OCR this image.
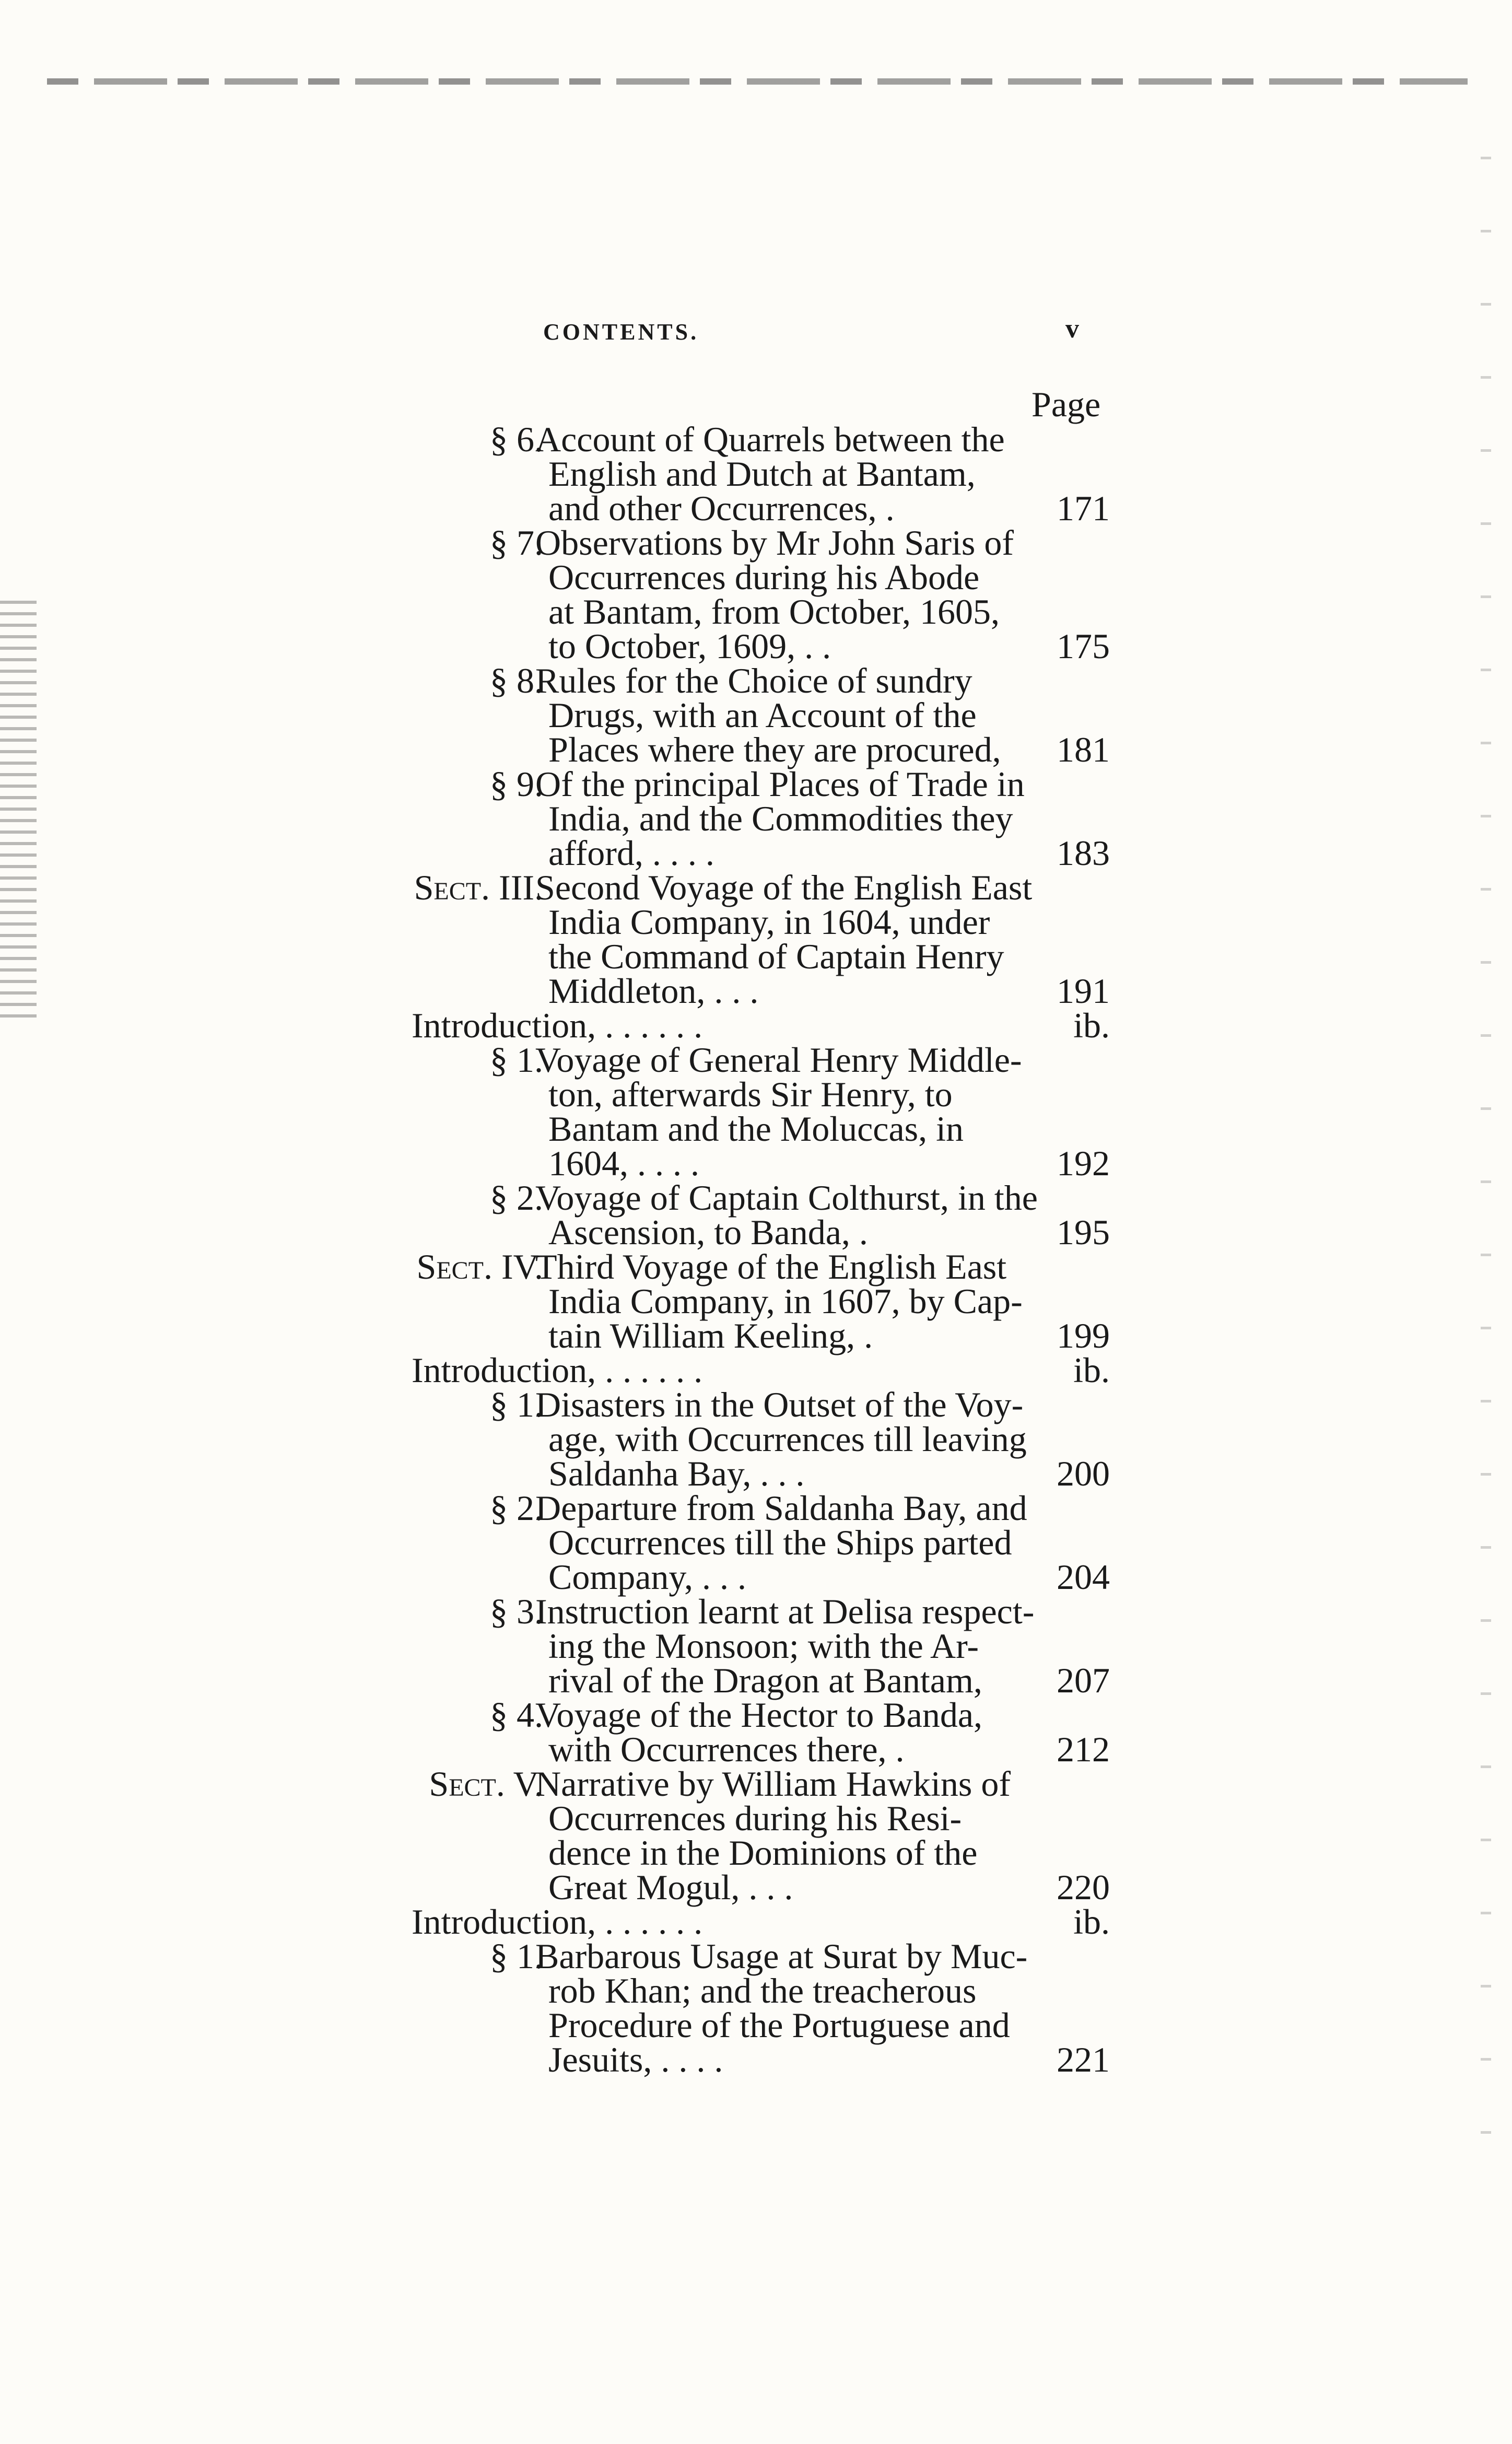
CONTENTS.	v
Page
§ 6.
Account of Quarrels between the
English and Dutch at Bantam,
and other Occurrences, .	171
§ 7.
Observations by Mr John Saris of
Occurrences during his Abode
at Bantam, from October, 1605,
to October, 1609, . .	175
§ 8.
Rules for the Choice of sundry
Drugs, with an Account of the
Places where they are procured,	181
§ 9.
Of the principal Places of Trade in
India, and the Commodities they
afford, . . . .	183
Sect. III.
Second Voyage of the English East
India Company, in 1604, under
the Command of Captain Henry
Middleton, . . .	191
Introduction, . . . . . .	ib.
§ 1.
Voyage of General Henry Middle-
ton, afterwards Sir Henry, to
Bantam and the Moluccas, in
1604, . . . .	192
§ 2.
Voyage of Captain Colthurst, in the
Ascension, to Banda, .	195
Sect. IV.
Third Voyage of the English East
India Company, in 1607, by Cap-
tain William Keeling, .	199
Introduction, . . . . . .	ib.
§ 1.
Disasters in the Outset of the Voy-
age, with Occurrences till leaving
Saldanha Bay, . . .	200
§ 2.
Departure from Saldanha Bay, and
Occurrences till the Ships parted
Company, . . .	204
§ 3.
Instruction learnt at Delisa respect-
ing the Monsoon; with the Ar-
rival of the Dragon at Bantam,	207
§ 4.
Voyage of the Hector to Banda,
with Occurrences there, .	212
Sect. V.
Narrative by William Hawkins of
Occurrences during his Resi-
dence in the Dominions of the
Great Mogul, . . .	220
Introduction, . . . . . .	ib.
§ 1.
Barbarous Usage at Surat by Muc-
rob Khan; and the treacherous
Procedure of the Portuguese and
Jesuits, . . . .	221
